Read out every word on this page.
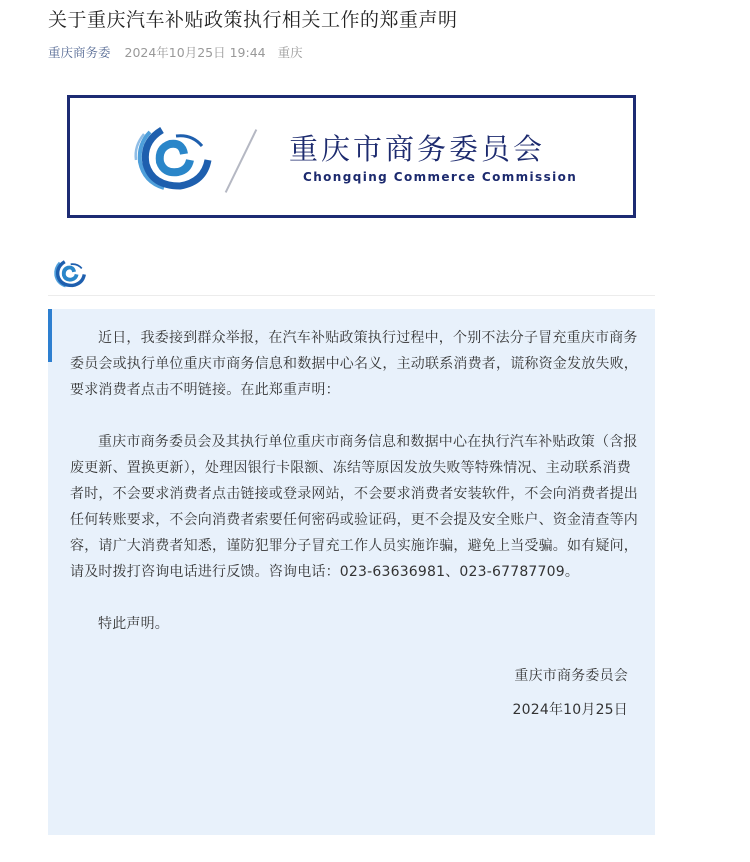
关于重庆汽车补贴政策执行相关工作的郑重声明
重庆商务委 2024年10月25日 19:44 重庆
重庆市商务委员会
Chongqing Commerce Commission

近日，我委接到群众举报，在汽车补贴政策执行过程中，个别不法分子冒充重庆市商务委员会或执行单位重庆市商务信息和数据中心名义，主动联系消费者，谎称资金发放失败，要求消费者点击不明链接。在此郑重声明：

重庆市商务委员会及其执行单位重庆市商务信息和数据中心在执行汽车补贴政策（含报废更新、置换更新），处理因银行卡限额、冻结等原因发放失败等特殊情况、主动联系消费者时，不会要求消费者点击链接或登录网站，不会要求消费者安装软件，不会向消费者提出任何转账要求，不会向消费者索要任何密码或验证码，更不会提及安全账户、资金清查等内容，请广大消费者知悉，谨防犯罪分子冒充工作人员实施诈骗，避免上当受骗。如有疑问，请及时拨打咨询电话进行反馈。咨询电话：023-63636981、023-67787709。

特此声明。

重庆市商务委员会

2024年10月25日
